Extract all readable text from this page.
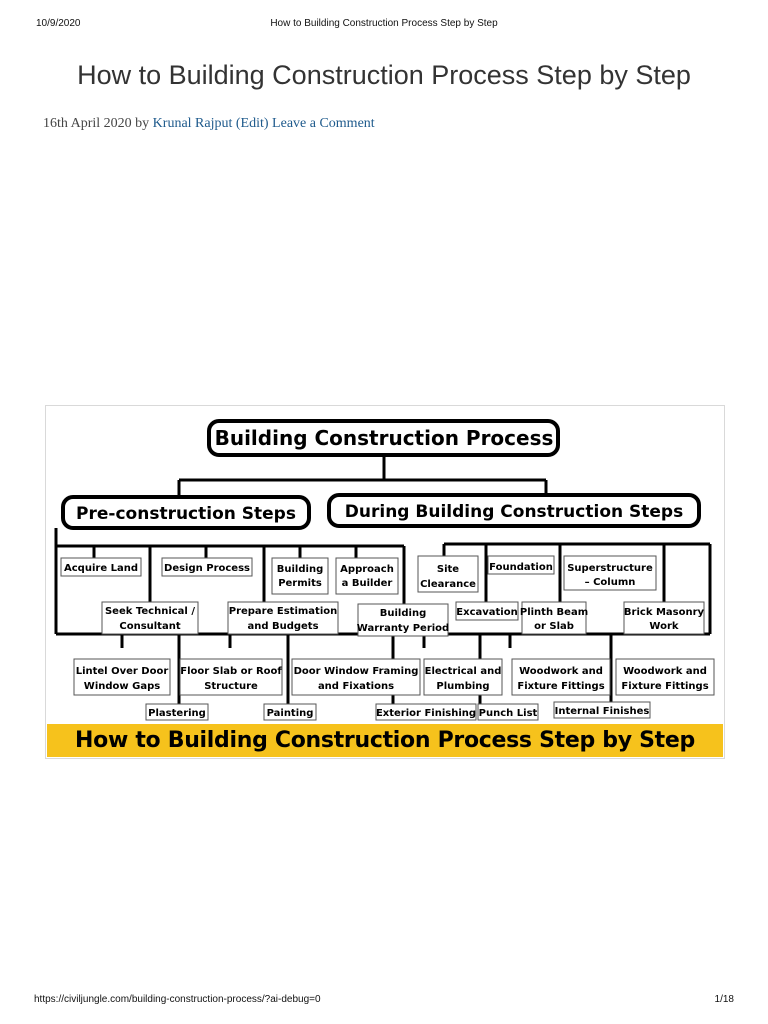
10/9/2020	How to Building Construction Process Step by Step
How to Building Construction Process Step by Step
16th April 2020 by Krunal Rajput (Edit) Leave a Comment
Building Construction Process
Pre-construction Steps	During Building Construction Steps
Acquire Land	Design Process	Building
Permits
Approach
a Builder
Seek Technical /
Consultant
Prepare Estimation
and Budgets
Building
Warranty Period
Site
Clearance
Foundation Superstructure
– Column
Excavation Plinth Beam
or Slab
Brick Masonry
Work
Lintel Over Door
Window Gaps
Floor Slab or Roof
Structure
Door Window Framing
and Fixations
Electrical and
Plumbing
Woodwork and
Fixture Fittings
Woodwork and
Fixture Fittings
Plastering	Painting	Exterior Finishing Punch List Internal Finishes
How to Building Construction Process Step by Step
https://civiljungle.com/building-construction-process/?ai-debug=0	1/18
